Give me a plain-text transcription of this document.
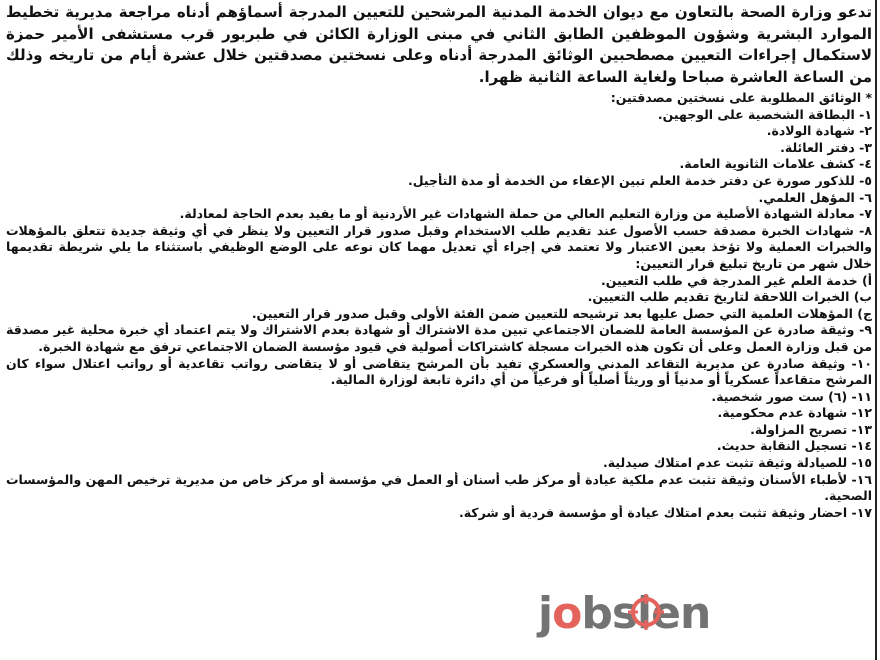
تدعو وزارة الصحة بالتعاون مع ديوان الخدمة المدنية المرشحين للتعيين المدرجة أسماؤهم أدناه مراجعة مديرية تخطيط الموارد البشرية وشؤون الموظفين الطابق الثاني في مبنى الوزارة الكائن في طبربور قرب مستشفى الأمير حمزة لاستكمال إجراءات التعيين مصطحبين الوثائق المدرجة أدناه وعلى نسختين مصدقتين خلال عشرة أيام من تاريخه وذلك من الساعة العاشرة صباحا ولغاية الساعة الثانية ظهرا.

* الوثائق المطلوبة على نسختين مصدقتين:
١- البطاقة الشخصية على الوجهين.
٢- شهادة الولادة.
٣- دفتر العائلة.
٤- كشف علامات الثانوية العامة.
٥- للذكور صورة عن دفتر خدمة العلم تبين الإعفاء من الخدمة أو مدة التأجيل.
٦- المؤهل العلمي.
٧- معادلة الشهادة الأصلية من وزارة التعليم العالي من حملة الشهادات غير الأردنية أو ما يفيد بعدم الحاجة لمعادلة.
٨- شهادات الخبرة مصدقة حسب الأصول عند تقديم طلب الاستخدام وقبل صدور قرار التعيين ولا ينظر في أي وثيقة جديدة تتعلق بالمؤهلات والخبرات العملية ولا تؤخذ بعين الاعتبار ولا تعتمد في إجراء أي تعديل مهما كان نوعه على الوضع الوظيفي باستثناء ما يلي شريطة تقديمها خلال شهر من تاريخ تبليغ قرار التعيين:
أ) خدمة العلم غير المدرجة في طلب التعيين.
ب) الخبرات اللاحقة لتاريخ تقديم طلب التعيين.
ج) المؤهلات العلمية التي حصل عليها بعد ترشيحه للتعيين ضمن الفئة الأولى وقبل صدور قرار التعيين.
٩- وثيقة صادرة عن المؤسسة العامة للضمان الاجتماعي تبين مدة الاشتراك أو شهادة بعدم الاشتراك ولا يتم اعتماد أي خبرة محلية غير مصدقة من قبل وزارة العمل وعلى أن تكون هذه الخبرات مسجلة كاشتراكات أصولية في قيود مؤسسة الضمان الاجتماعي ترفق مع شهادة الخبرة.
١٠- وثيقة صادرة عن مديرية التقاعد المدني والعسكري تفيد بأن المرشح يتقاضى أو لا يتقاضى رواتب تقاعدية أو رواتب اعتلال سواء كان المرشح متقاعداً عسكرياً أو مدنياً أو وريثاً أصلياً أو فرعياً من أي دائرة تابعة لوزارة المالية.
١١- (٦) ست صور شخصية.
١٢- شهادة عدم محكومية.
١٣- تصريح المزاولة.
١٤- تسجيل النقابة حديث.
١٥- للصيادلة وثيقة تثبت عدم امتلاك صيدلية.
١٦- لأطباء الأسنان وثيقة تثبت عدم ملكية عيادة أو مركز طب أسنان أو العمل في مؤسسة أو مركز خاص من مديرية ترخيص المهن والمؤسسات الصحية.
١٧- احضار وثيقة تثبت بعدم امتلاك عيادة أو مؤسسة فردية أو شركة.
jobslen
